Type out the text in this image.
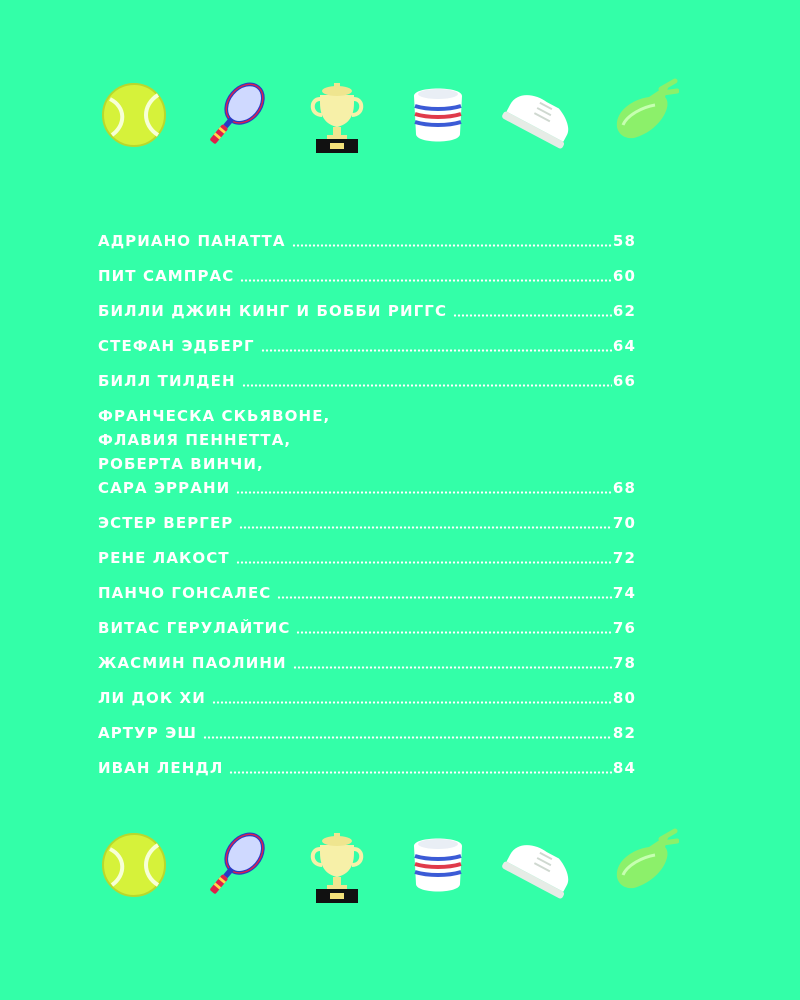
АДРИАНО ПАНАТТА	58
ПИТ САМПРАС	60
БИЛЛИ ДЖИН КИНГ И БОББИ РИГГС	62
СТЕФАН ЭДБЕРГ	64
БИЛЛ ТИЛДЕН	66
ФРАНЧЕСКА СКЬЯВОНЕ,
ФЛАВИЯ ПЕННЕТТА,
РОБЕРТА ВИНЧИ,
САРА ЭРРАНИ	68
ЭСТЕР ВЕРГЕР	70
РЕНЕ ЛАКОСТ	72
ПАНЧО ГОНСАЛЕС	74
ВИТАС ГЕРУЛАЙТИС	76
ЖАСМИН ПАОЛИНИ	78
ЛИ ДОК ХИ	80
АРТУР ЭШ	82
ИВАН ЛЕНДЛ	84
